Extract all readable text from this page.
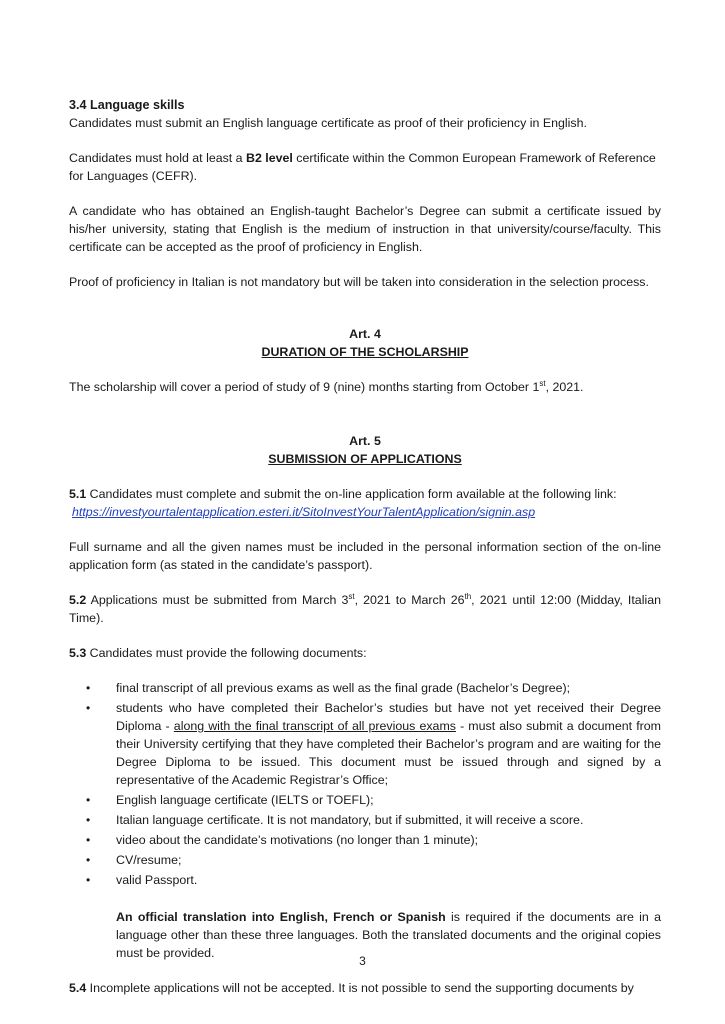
3.4 Language skills

Candidates must submit an English language certificate as proof of their proficiency in English.

Candidates must hold at least a B2 level certificate within the Common European Framework of Reference for Languages (CEFR).

A candidate who has obtained an English-taught Bachelor’s Degree can submit a certificate issued by his/her university, stating that English is the medium of instruction in that university/course/faculty. This certificate can be accepted as the proof of proficiency in English.

Proof of proficiency in Italian is not mandatory but will be taken into consideration in the selection process.

Art. 4

DURATION OF THE SCHOLARSHIP

The scholarship will cover a period of study of 9 (nine) months starting from October 1st, 2021.

Art. 5

SUBMISSION OF APPLICATIONS

5.1 Candidates must complete and submit the on-line application form available at the following link:

https://investyourtalentapplication.esteri.it/SitoInvestYourTalentApplication/signin.asp

Full surname and all the given names must be included in the personal information section of the on-line application form (as stated in the candidate’s passport).

5.2 Applications must be submitted from March 3st, 2021 to March 26th, 2021 until 12:00 (Midday, Italian Time).

5.3 Candidates must provide the following documents:

• final transcript of all previous exams as well as the final grade (Bachelor’s Degree);
• students who have completed their Bachelor’s studies but have not yet received their Degree Diploma - along with the final transcript of all previous exams - must also submit a document from their University certifying that they have completed their Bachelor’s program and are waiting for the Degree Diploma to be issued. This document must be issued through and signed by a representative of the Academic Registrar’s Office;
• English language certificate (IELTS or TOEFL);
• Italian language certificate. It is not mandatory, but if submitted, it will receive a score.
• video about the candidate’s motivations (no longer than 1 minute);
• CV/resume;
• valid Passport.

An official translation into English, French or Spanish is required if the documents are in a language other than these three languages. Both the translated documents and the original copies must be provided.

5.4 Incomplete applications will not be accepted. It is not possible to send the supporting documents by

3
